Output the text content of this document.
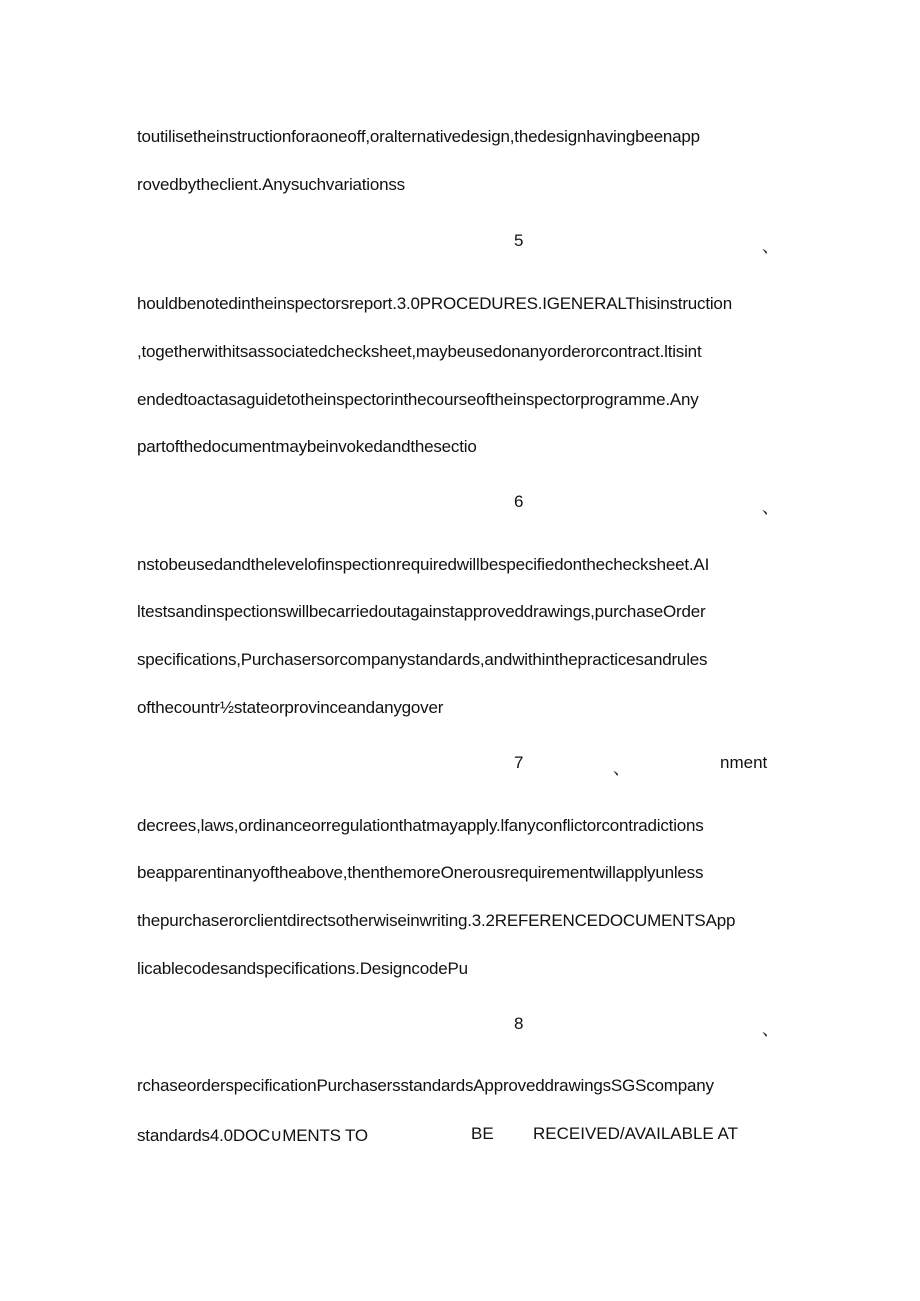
toutilisetheinstructionforaoneoff,oralternativedesign,thedesignhavingbeenapp
rovedbytheclient.Anysuchvariationss
5	、
houldbenotedintheinspectorsreport.3.0PROCEDURES.IGENERALThisinstruction
,togetherwithitsassociatedchecksheet,maybeusedonanyorderorcontract.ltisint
endedtoactasaguidetotheinspectorinthecourseoftheinspectorprogramme.Any
partofthedocumentmaybeinvokedandthesectio
6	、
nstobeusedandthelevelofinspectionrequiredwillbespecifiedonthechecksheet.AI
ltestsandinspectionswillbecarriedoutagainstapproveddrawings,purchaseOrder
specifications,Purchasersorcompanystandards,andwithinthepracticesandrules
ofthecountr½stateorprovinceandanygover
7	、	nment
decrees,laws,ordinanceorregulationthatmayapply.lfanyconflictorcontradictions
beapparentinanyoftheabove,thenthemoreOnerousrequirementwillapplyunless
thepurchaserorclientdirectsotherwiseinwriting.3.2REFERENCEDOCUMENTSApp
licablecodesandspecifications.DesigncodePu
8	、
rchaseorderspecificationPurchasersstandardsApproveddrawingsSGScompany
standards4.0DOC∪MENTS TO	BE RECEIVED/AVAILABLE AT
